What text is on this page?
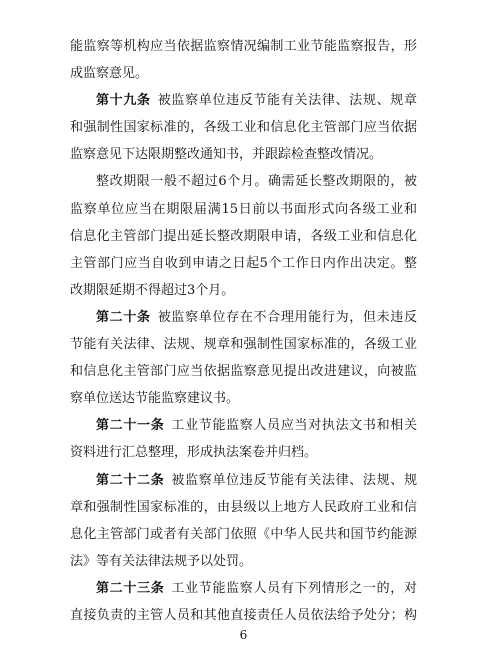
能监察等机构应当依据监察情况编制工业节能监察报告，形
成监察意见。
第十九条 被监察单位违反节能有关法律、法规、规章
和强制性国家标准的，各级工业和信息化主管部门应当依据
监察意见下达限期整改通知书，并跟踪检查整改情况。
整改期限一般不超过6个月。确需延长整改期限的，被
监察单位应当在期限届满15日前以书面形式向各级工业和
信息化主管部门提出延长整改期限申请，各级工业和信息化
主管部门应当自收到申请之日起5个工作日内作出决定。整
改期限延期不得超过3个月。
第二十条 被监察单位存在不合理用能行为，但未违反
节能有关法律、法规、规章和强制性国家标准的，各级工业
和信息化主管部门应当依据监察意见提出改进建议，向被监
察单位送达节能监察建议书。
第二十一条 工业节能监察人员应当对执法文书和相关
资料进行汇总整理，形成执法案卷并归档。
第二十二条 被监察单位违反节能有关法律、法规、规
章和强制性国家标准的，由县级以上地方人民政府工业和信
息化主管部门或者有关部门依照《中华人民共和国节约能源
法》等有关法律法规予以处罚。
第二十三条 工业节能监察人员有下列情形之一的，对
直接负责的主管人员和其他直接责任人员依法给予处分；构
6
